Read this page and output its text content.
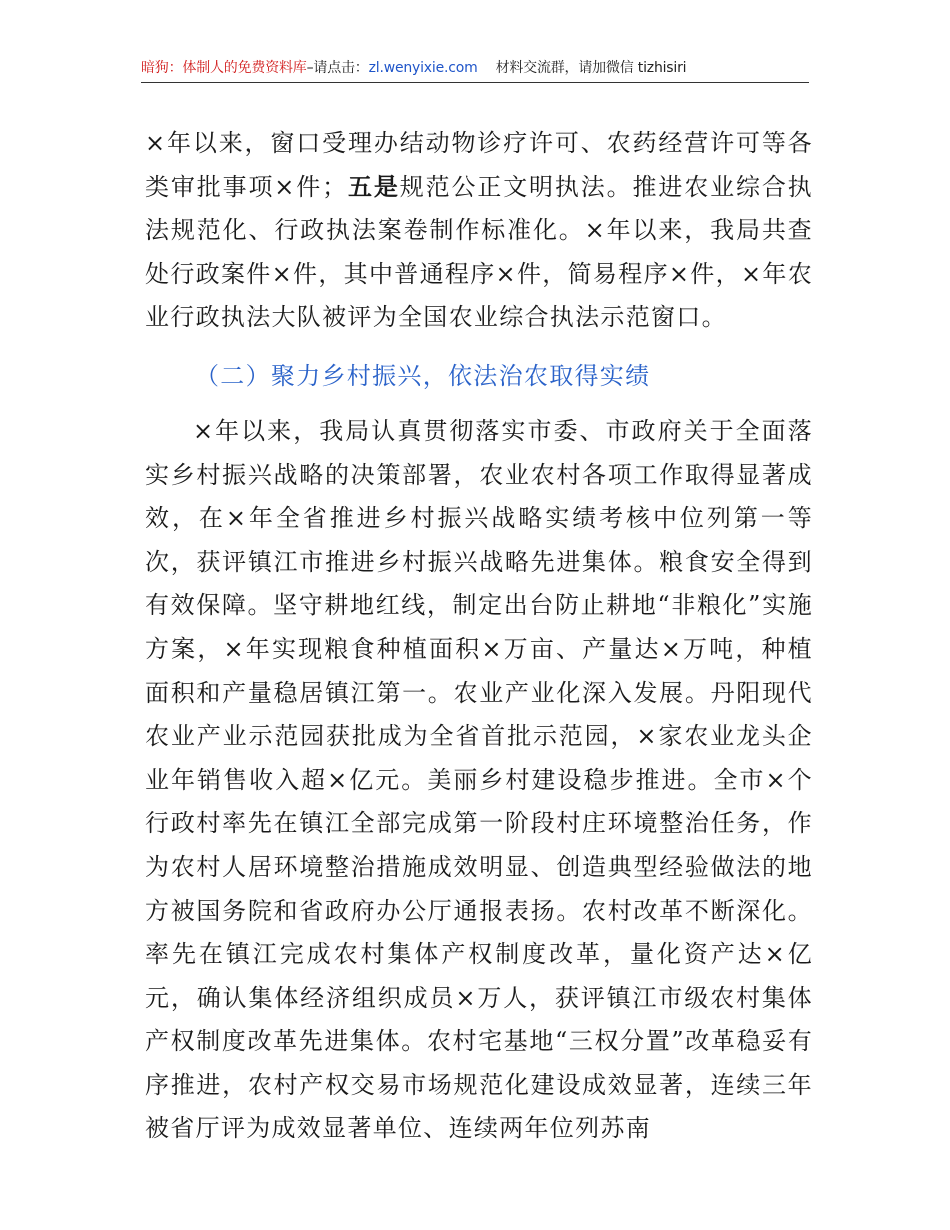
暗狗：体制人的免费资料库 –请点击： zl.wenyixie.com 材料交流群，请加微信 tizhisiri

×年以来，窗口受理办结动物诊疗许可、农药经营许可等各类审批事项×件；五是规范公正文明执法。推进农业综合执法规范化、行政执法案卷制作标准化。×年以来，我局共查处行政案件×件，其中普通程序×件，简易程序×件，×年农业行政执法大队被评为全国农业综合执法示范窗口。

（二）聚力乡村振兴，依法治农取得实绩

×年以来，我局认真贯彻落实市委、市政府关于全面落实乡村振兴战略的决策部署，农业农村各项工作取得显著成效，在×年全省推进乡村振兴战略实绩考核中位列第一等次，获评镇江市推进乡村振兴战略先进集体。粮食安全得到有效保障。坚守耕地红线，制定出台防止耕地“非粮化”实施方案，×年实现粮食种植面积×万亩、产量达×万吨，种植面积和产量稳居镇江第一。农业产业化深入发展。丹阳现代农业产业示范园获批成为全省首批示范园，×家农业龙头企业年销售收入超×亿元。美丽乡村建设稳步推进。全市×个行政村率先在镇江全部完成第一阶段村庄环境整治任务，作为农村人居环境整治措施成效明显、创造典型经验做法的地方被国务院和省政府办公厅通报表扬。农村改革不断深化。率先在镇江完成农村集体产权制度改革，量化资产达×亿元，确认集体经济组织成员×万人，获评镇江市级农村集体产权制度改革先进集体。农村宅基地“三权分置”改革稳妥有序推进，农村产权交易市场规范化建设成效显著，连续三年被省厅评为成效显著单位、连续两年位列苏南
